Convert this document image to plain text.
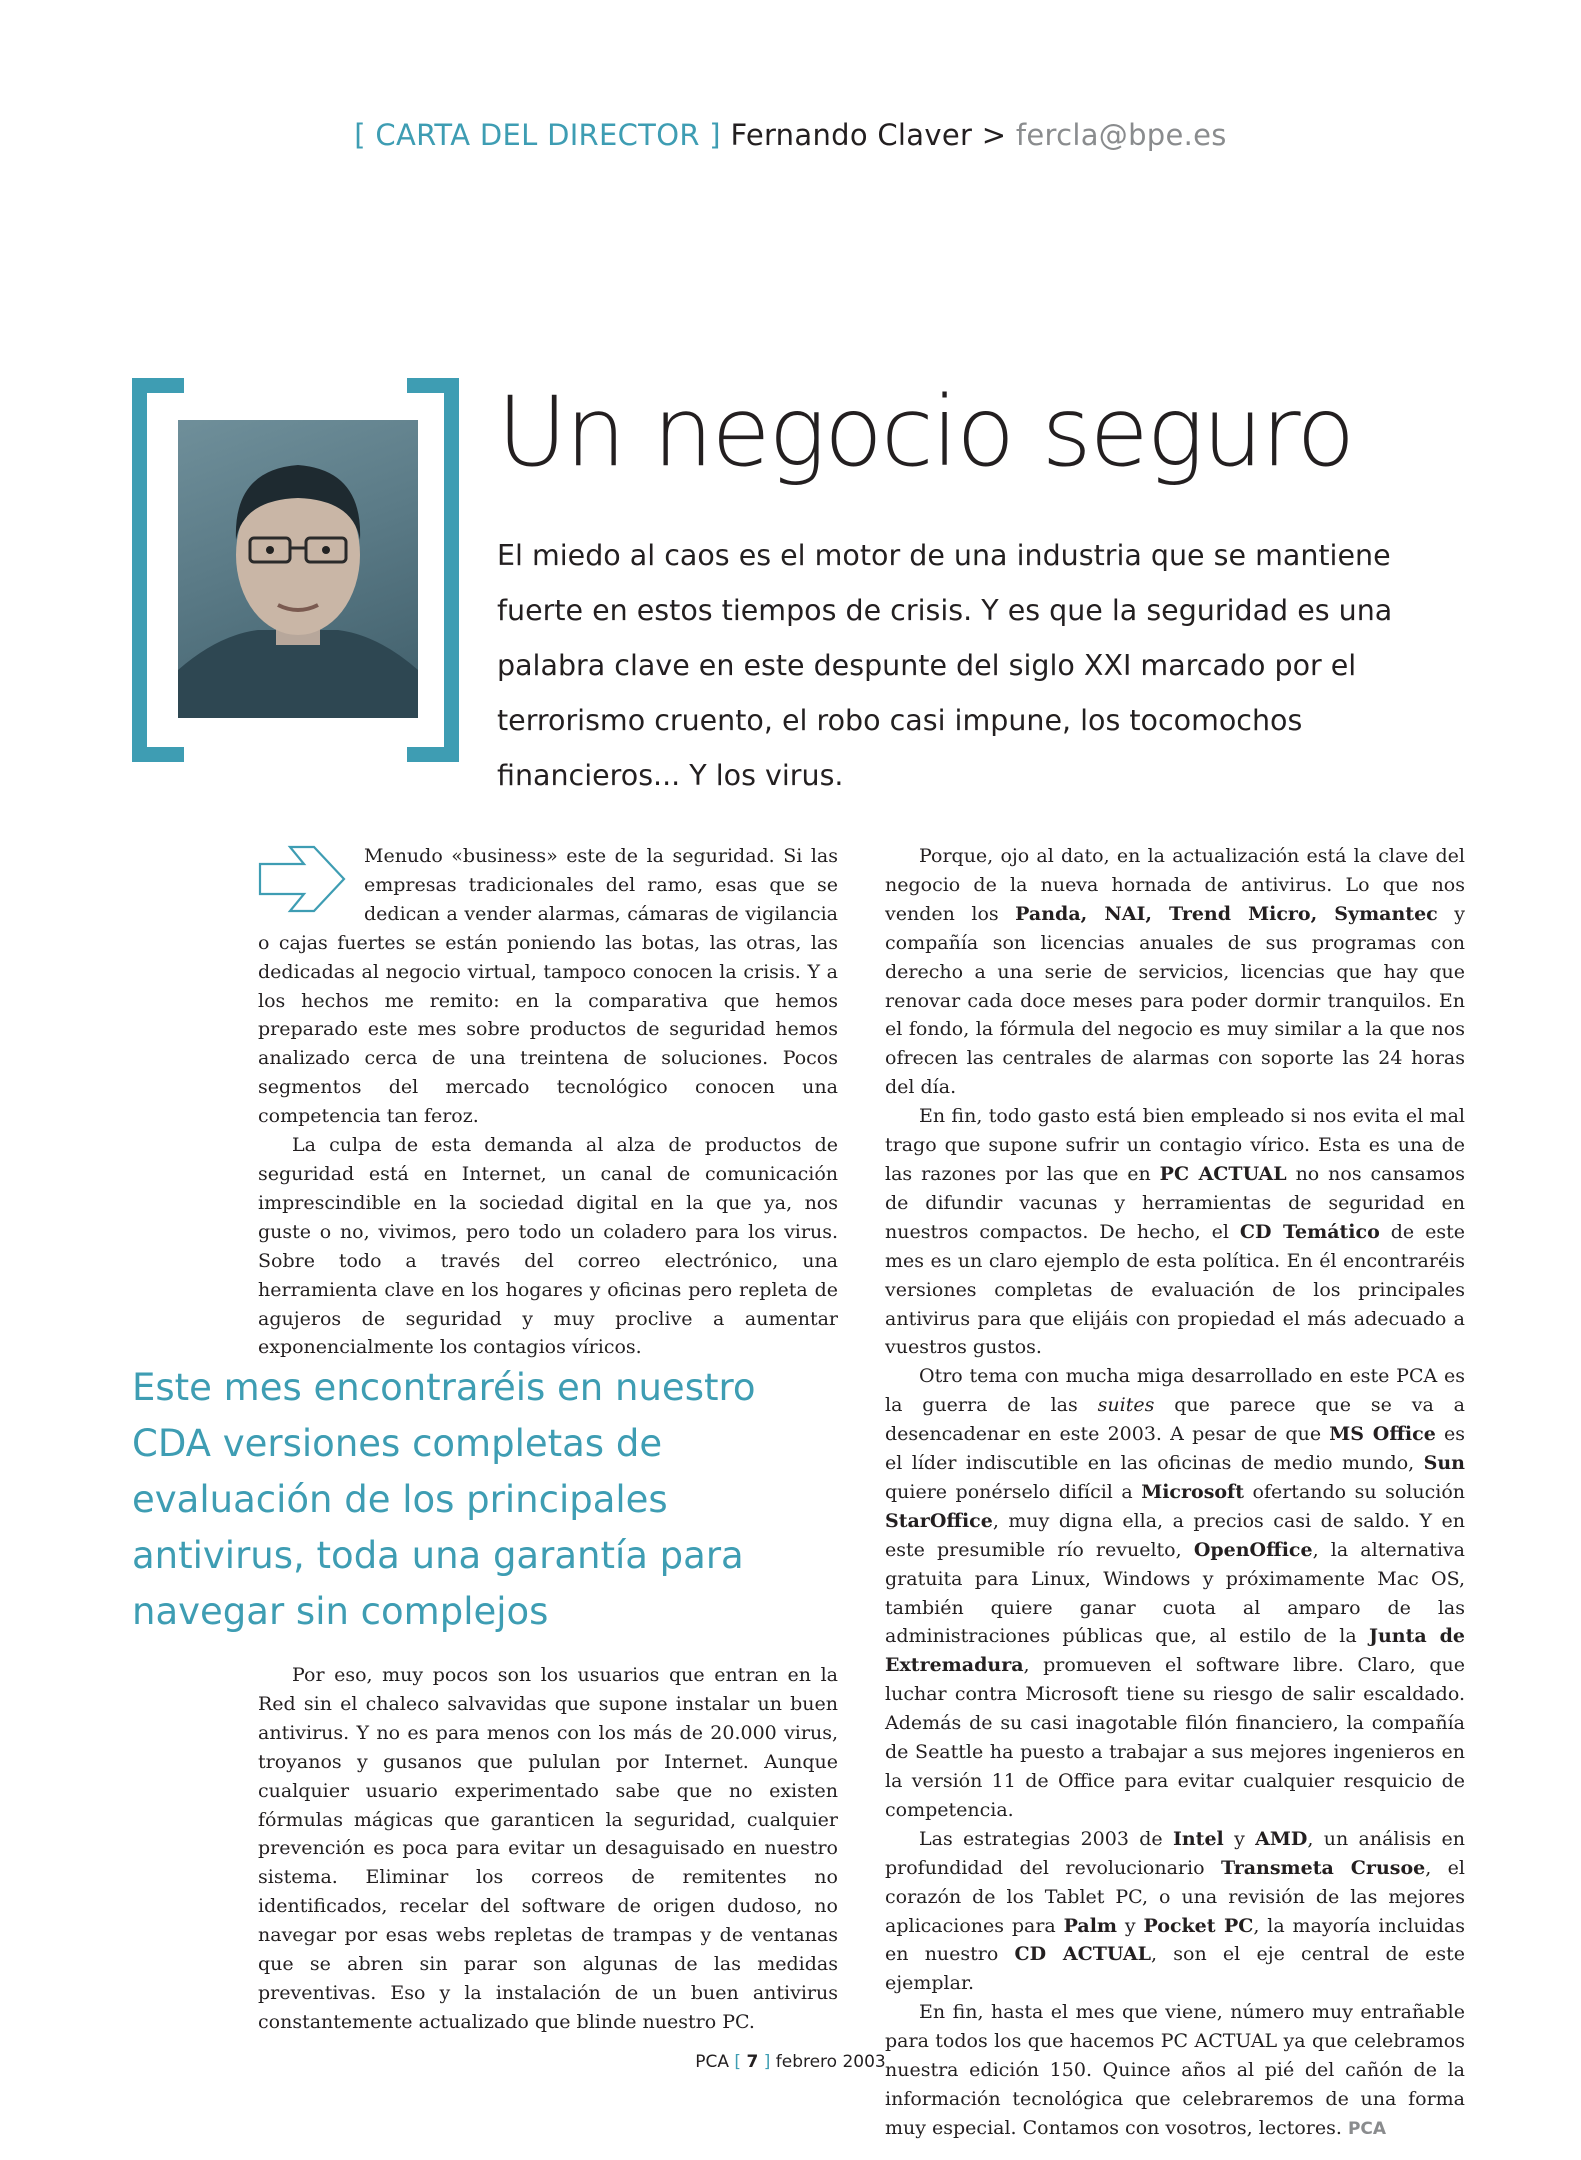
[ CARTA DEL DIRECTOR ] Fernando Claver > fercla@bpe.es
Un negocio seguro
El miedo al caos es el motor de una industria que se mantiene fuerte en estos tiempos de crisis. Y es que la seguridad es una palabra clave en este despunte del siglo XXI marcado por el terrorismo cruento, el robo casi impune, los tocomochos financieros... Y los virus.

Menudo «business» este de la seguridad. Si las empresas tradicionales del ramo, esas que se dedican a vender alarmas, cámaras de vigilancia o cajas fuertes se están poniendo las botas, las otras, las dedicadas al negocio virtual, tampoco conocen la crisis. Y a los hechos me remito: en la comparativa que hemos preparado este mes sobre productos de seguridad hemos analizado cerca de una treintena de soluciones. Pocos segmentos del mercado tecnológico conocen una competencia tan feroz.

La culpa de esta demanda al alza de productos de seguridad está en Internet, un canal de comunicación imprescindible en la sociedad digital en la que ya, nos guste o no, vivimos, pero todo un coladero para los virus. Sobre todo a través del correo electrónico, una herramienta clave en los hogares y oficinas pero repleta de agujeros de seguridad y muy proclive a aumentar exponencialmente los contagios víricos.

Este mes encontraréis en nuestro CDA versiones completas de evaluación de los principales antivirus, toda una garantía para navegar sin complejos

Por eso, muy pocos son los usuarios que entran en la Red sin el chaleco salvavidas que supone instalar un buen antivirus. Y no es para menos con los más de 20.000 virus, troyanos y gusanos que pululan por Internet. Aunque cualquier usuario experimentado sabe que no existen fórmulas mágicas que garanticen la seguridad, cualquier prevención es poca para evitar un desaguisado en nuestro sistema. Eliminar los correos de remitentes no identificados, recelar del software de origen dudoso, no navegar por esas webs repletas de trampas y de ventanas que se abren sin parar son algunas de las medidas preventivas. Eso y la instalación de un buen antivirus constantemente actualizado que blinde nuestro PC.

Porque, ojo al dato, en la actualización está la clave del negocio de la nueva hornada de antivirus. Lo que nos venden los Panda, NAI, Trend Micro, Symantec y compañía son licencias anuales de sus programas con derecho a una serie de servicios, licencias que hay que renovar cada doce meses para poder dormir tranquilos. En el fondo, la fórmula del negocio es muy similar a la que nos ofrecen las centrales de alarmas con soporte las 24 horas del día.

En fin, todo gasto está bien empleado si nos evita el mal trago que supone sufrir un contagio vírico. Esta es una de las razones por las que en PC ACTUAL no nos cansamos de difundir vacunas y herramientas de seguridad en nuestros compactos. De hecho, el CD Temático de este mes es un claro ejemplo de esta política. En él encontraréis versiones completas de evaluación de los principales antivirus para que elijáis con propiedad el más adecuado a vuestros gustos.

Otro tema con mucha miga desarrollado en este PCA es la guerra de las suites que parece que se va a desencadenar en este 2003. A pesar de que MS Office es el líder indiscutible en las oficinas de medio mundo, Sun quiere ponérselo difícil a Microsoft ofertando su solución StarOffice, muy digna ella, a precios casi de saldo. Y en este presumible río revuelto, OpenOffice, la alternativa gratuita para Linux, Windows y próximamente Mac OS, también quiere ganar cuota al amparo de las administraciones públicas que, al estilo de la Junta de Extremadura, promueven el software libre. Claro, que luchar contra Microsoft tiene su riesgo de salir escaldado. Además de su casi inagotable filón financiero, la compañía de Seattle ha puesto a trabajar a sus mejores ingenieros en la versión 11 de Office para evitar cualquier resquicio de competencia.

Las estrategias 2003 de Intel y AMD, un análisis en profundidad del revolucionario Transmeta Crusoe, el corazón de los Tablet PC, o una revisión de las mejores aplicaciones para Palm y Pocket PC, la mayoría incluidas en nuestro CD ACTUAL, son el eje central de este ejemplar.

En fin, hasta el mes que viene, número muy entrañable para todos los que hacemos PC ACTUAL ya que celebramos nuestra edición 150. Quince años al pié del cañón de la información tecnológica que celebraremos de una forma muy especial. Contamos con vosotros, lectores. PCA

PCA [ 7 ] febrero 2003
